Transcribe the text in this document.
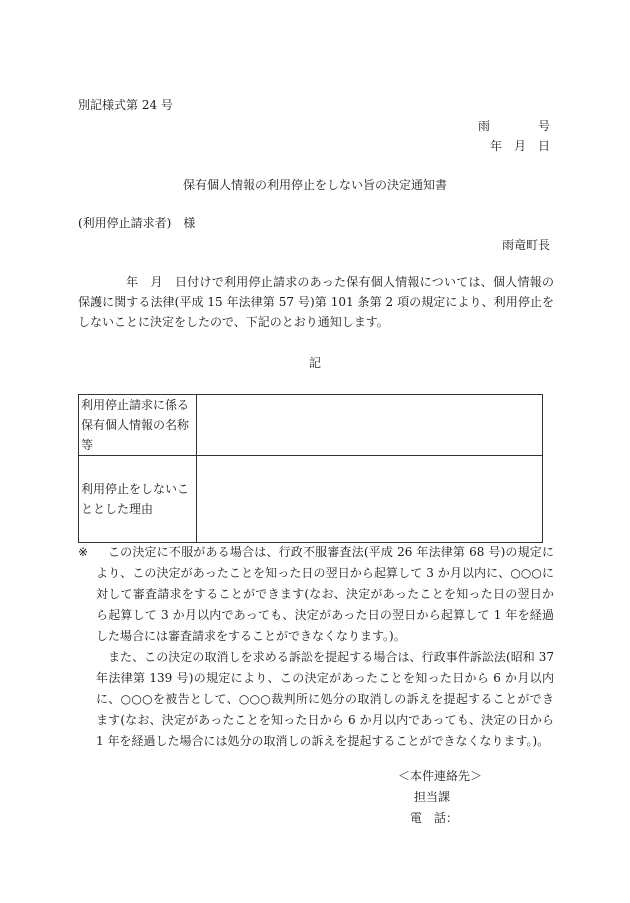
別記様式第 24 号
雨　　　　号
年　月　日
保有個人情報の利用停止をしない旨の決定通知書
(利用停止請求者)　様
雨竜町長
年　月　日付けで利用停止請求のあった保有個人情報については、個人情報の保護に関する法律(平成 15 年法律第 57 号)第 101 条第 2 項の規定により、利用停止をしないことに決定をしたので、下記のとおり通知します。
記
利用停止請求に係る保有個人情報の名称等	
利用停止をしないこととした理由	
※	この決定に不服がある場合は、行政不服審査法(平成 26 年法律第 68 号)の規定により、この決定があったことを知った日の翌日から起算して 3 か月以内に、○○○に対して審査請求をすることができます(なお、決定があったことを知った日の翌日から起算して 3 か月以内であっても、決定があった日の翌日から起算して 1 年を経過した場合には審査請求をすることができなくなります。)。

また、この決定の取消しを求める訴訟を提起する場合は、行政事件訴訟法(昭和 37 年法律第 139 号)の規定により、この決定があったことを知った日から 6 か月以内に、○○○を被告として、○○○裁判所に処分の取消しの訴えを提起することができます(なお、決定があったことを知った日から 6 か月以内であっても、決定の日から 1 年を経過した場合には処分の取消しの訴えを提起することができなくなります。)。

＜本件連絡先＞
担当課
電　話：
